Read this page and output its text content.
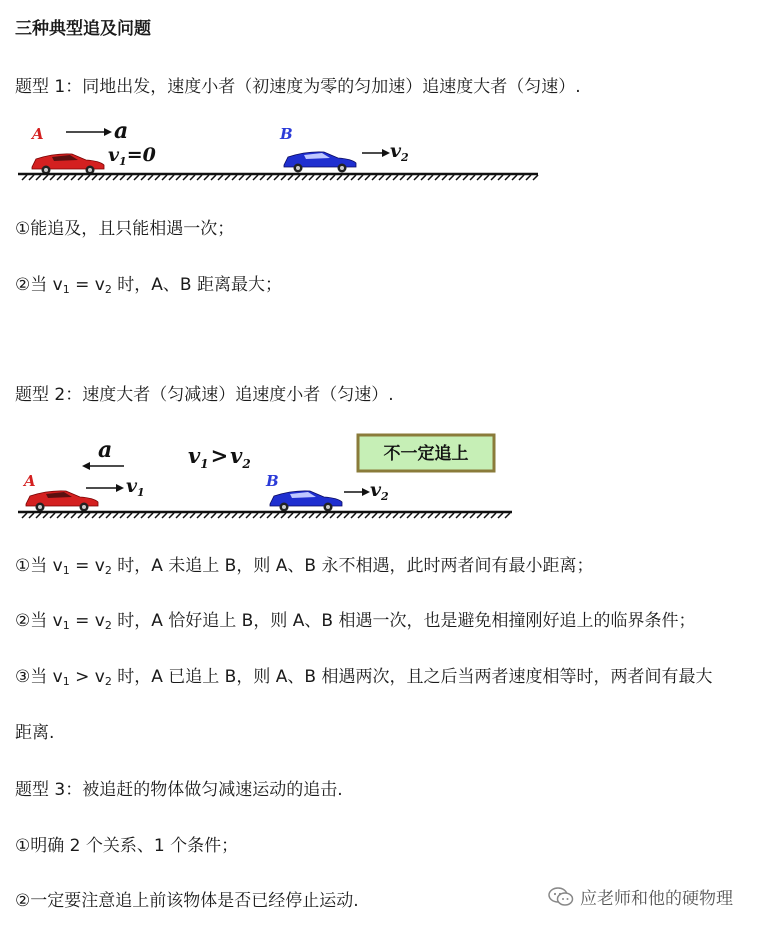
三种典型追及问题
题型 1：同地出发，速度小者（初速度为零的匀加速）追速度大者（匀速）.
A	a
$v_1=0$
B
$v_2$
①能追及，且只能相遇一次；
②当 $v_1 = v_2$ 时，A、B 距离最大；
题型 2：速度大者（匀减速）追速度小者（匀速）.
a	$v_1>v_2$	不一定追上
A	$v_1$
B	$v_2$
①当 $v_1 = v_2$ 时，A 未追上 B，则 A、B 永不相遇，此时两者间有最小距离；
②当 $v_1 = v_2$ 时，A 恰好追上 B，则 A、B 相遇一次，也是避免相撞刚好追上的临界条件；
③当 $v_1 > v_2$ 时，A 已追上 B，则 A、B 相遇两次，且之后当两者速度相等时，两者间有最大
距离.
题型 3：被追赶的物体做匀减速运动的追击.
①明确 2 个关系、1 个条件；
②一定要注意追上前该物体是否已经停止运动.	应老师和他的硬物理
